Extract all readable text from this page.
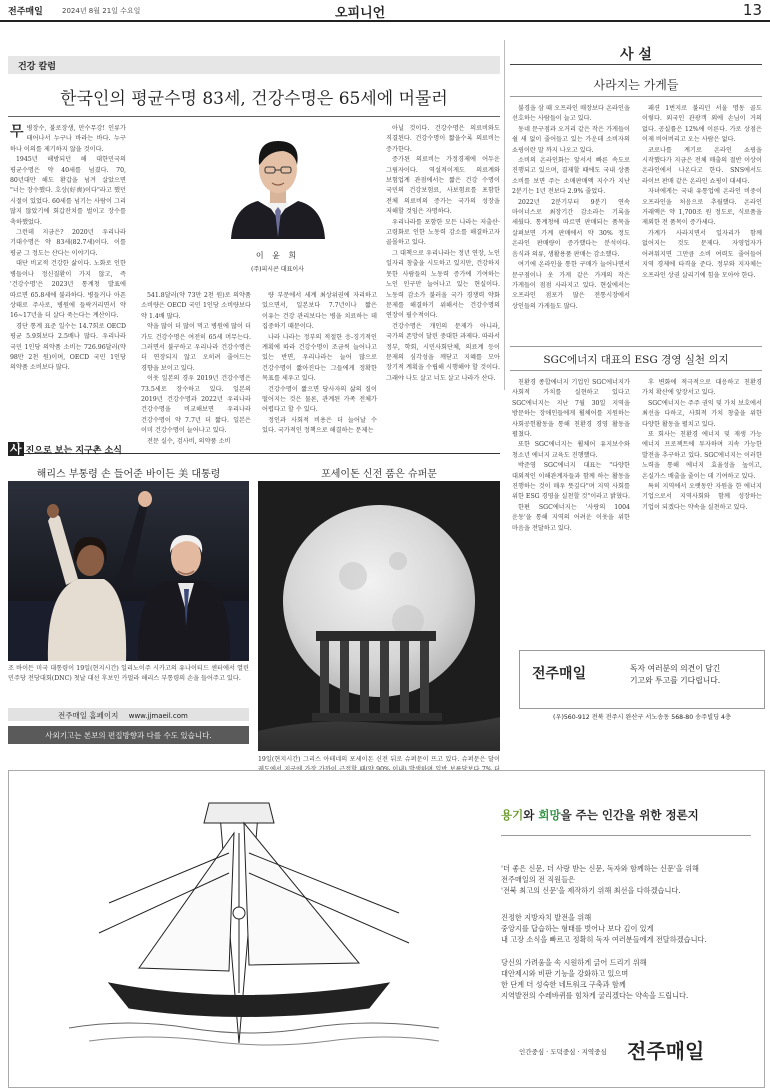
전주매일	2024년 8월 21일 수요일	오피니언	13
건강 칼럼
한국인의 평균수명 83세, 건강수명은 65세에 머물러

무병장수, 불로장생, 만수무강! 인류가 태어나서 누구나 바라는 바다. 누구 하나 이의를 제기하지 않을 것이다.

1945년 해방되던 해 대한민국의 평균수명은 약 40세를 넘겼다. 70, 80년대만 해도 환갑을 넘겨 살았으면 "너는 장수했다. 호상(好喪)이다"라고 했던 시절이 있었다. 60세를 넘기는 사람이 그리 많지 않았기에 회갑잔치를 벌이고 장수를 축하했었다.

그런데 지금은? 2020년 우리나라 기대수명은 약 83세(82.7세)이다. 이를 평균 그 정도는 산다는 이야기다.

대단 비교적 건강한 삶이다. 노화로 인한 병들이나 정신질환이 가지 않고, 즉 '건강수명'은 2023년 통계청 발표에 따르면 65.8세에 불과하다. 병들거나 아픈 상태로 주사로, 병원에 들락거리면서 약 16~17년을 더 살다 죽는다는 계산이다.

경단 통계 표준 일수는 14.7회로 OECD 평균 5.9회보다 2.5배나 많다. 우리나라 국민 1인당 의약품 소비는 726.96달러(약 98만 2천 원)이며, OECD 국민 1인당 의약품 소비보다 많다.

이 윤 희
(주)피시콘 대표이사

541.8달러(약 73만 2천 원)로 의약품 소비량은 OECD 국민 1인당 소비량보다 약 1.4배 많다.

약을 많이 더 많이 먹고 병원에 많이 더 가도 건강수명은 여전히 65세 머무는다. 그러면서 불구하고 우리나라 건강수명은 더 연장되지 않고 오히려 줄어드는 경향을 보이고 있다.

이웃 일본의 경우 2019년 건강수명은 73.5세로 장수하고 있다. 일본의 2019년 건강수명과 2022년 우리나라 건강수명을 비교해보면 우리나라 건강수명이 약 7.7년 더 짧다. 일본은 이미 건강수명이 늘어나고 있다.

전문 실수, 검사비, 의약품 소비

량 부문에서 세계 최상위권에 자리하고 있으면서, 일본보다 7.7년이나 짧은 이유는 건강 관리보다는 병을 치료하는 데 집중하기 때문이다.

나라 나라는 정부의 적절한 응-징기적인 계획에 따라 건강수명이 조금씩 늘어나고 있는 반면, 우리나라는 늘어 많으로 건강수명이 짧아진다는 그들에게 정확한 목표를 세우고 있다.

건강수명이 짧으면 당사자의 삶의 질이 떨어지는 것은 물론, 관계된 가족 전체가 어렵다고 할 수 있다.

정인과 사회적 비용은 더 늘어날 수 있다. 국가적인 정책으로 해결하는 문제는

아닐 것이다. 건강수명은 의료비와도 직결된다. 건강수명이 짧을수록 의료비는 증가한다.

증가된 의료비는 가정경제에 어두운 그림자이다. 역설적이게도 의료계와 보험업계 관점에서는 짧은 건강 수명이 국민의 건강보험료, 사보험료를 포함한 전체 의료비의 증가는 국가의 성장을 저해할 것임은 자명하다.

우리나라를 포함한 모든 나라는 저출산·고령화로 인한 노동력 감소를 해결하고자 골몰하고 있다.

그 대책으로 우리나라는 정년 연장, 노인 일자리 창출을 시도하고 있지만, 건강하지 못한 사람들의 노동력 증가에 기여하는 노인 인구만 늘어나고 있는 현실이다. 노동력 감소가 불러올 국가 경쟁력 약화 문제를 해결하기 위해서는 건강수명의 연장이 필수적이다.

건강수명은 개인의 문제가 아니라, 국가의 존망이 달린 중대한 과제다. 따라서 정부, 학회, 시민사회단체, 의료계 등이 문제의 심각성을 깨닫고 지혜를 모아 장기적 계획을 수립해 시행해야 할 것이다. 그래야 나도 살고 너도 살고 나라가 산다.

사 설
사라지는 가게들

불경을 삼 때 오프라인 매장보다 온라인을 선호하는 사람들이 늘고 있다.

동네 문구점과 오거리 같은 작은 가게들이 쉴 새 없이 줄어들고 있는 가운데 소비자의 쇼핑이란 말 까지 나오고 있다.

소비의 온라인화는 앞서서 빠른 속도로 진행되고 있으며, 결제할 때에도 국내 상품 소비를 보면 주는 소매판매액 지수가 지난 2분기는 1년 전보다 2.9% 줄었다.

2022년 2분기부터 9분기 연속 마이너스로 최장기간 감소라는 기록을 세웠다. 통계청에 따르면 판매되는 품목을 살펴보면 가계 판매에서 약 30% 정도 온라인 판매량이 증가했다는 분석이다. 음식과 의류, 생활용품 판매는 감소했다.

여기에 온라인을 통한 구매가 늘어나면서 문구점이나 옷 가게 같은 가게의 작은 가게들이 점점 사라지고 있다. 현실에서는 오프라인 점포가 많은 전통시장에서 상인들의 가게들도 많다.

패션 1번지로 불리던 서울 명동 골도 이렇다. 외국인 관광객 외에 손님이 거의 없다. 공실률은 12%에 이른다. 가로 상점은 이제 비어버리고 오는 사람은 없다.

코로나를 계기로 온라인 쇼핑을 시작했다가 지금은 전체 매출의 절반 이상이 온라인에서 나온다고 한다. SNS에서도 라이브 판매 같은 온라인 쇼핑이 대세다.

자녀에게는 국내 유통업에 온라인 비중이 오프라인을 처음으로 추월했다. 온라인 거래액은 약 1,700조 원 정도로, 식료품을 제외한 전 품목이 증가세다.

가계가 사라지면서 일자리가 함께 없어지는 것도 문제다. 자영업자가 어려워지면 그만큼 소비 여력도 줄어들어 지역 경제에 타격을 준다. 정부와 지자체는 오프라인 상권 살리기에 힘을 모아야 한다.

SGC에너지 대표의 ESG 경영 실천 의지

친환경 종합에너지 기업인 SGC에너지가 사회적 가치를 실현하고 있다고 SGC에너지는 지난 7월 30일 지역을 방문하는 장애인들에게 휠체어를 지원하는 사회공헌활동을 통해 친환경 경영 활동을 펼쳤다.

또한 SGC에너지는 휠체어 유지보수와 청소년 에너지 교육도 진행했다.

박준영 SGC에너지 대표는 "다양한 대외적인 이해관계자들과 함께 하는 활동을 진행하는 것이 매우 뜻깊다"며 지역 사회를 위한 ESG 경영을 실천할 것"이라고 밝혔다.

한편 SGC에너지는 '사랑의 1004 운동'을 통해 지역의 어려운 이웃을 위한 마음을 전달하고 있다.

후 변화에 적극적으로 대응하고 친환경 가치 확산에 앞장서고 있다.

SGC에너지는 주주 권익 및 가치 보호에서 최선을 다하고, 사회적 가치 창출을 위한 다양한 활동을 펼치고 있다.

또 회사는 친환경 에너지 및 재생 가능 에너지 프로젝트에 투자하며 지속 가능한 발전을 추구하고 있다. SGC에너지는 이러한 노력을 통해 에너지 효율성을 높이고, 온실가스 배출을 줄이는 데 기여하고 있다.

특히 지역에서 오랫동안 자원을 한 에너지 기업으로서 지역사회와 함께 성장하는 기업이 되겠다는 약속을 실천하고 있다.

사 진으로 보는 지구촌 소식
해리스 부통령 손 들어준 바이든 美 대통령	포세이돈 신전 품은 슈퍼문
조 바이든 미국 대통령이 19일(현지시간) 일리노이주 시카고의 유나이티드 센터에서 열린 민주당 전당대회(DNC) 첫날 대선 후보인 카멀라 해리스 부통령의 손을 들어주고 있다.
전주매일 홈페이지 www.jjmaeil.com
사외기고는 본보의 편집방향과 다를 수도 있습니다.
19일(현지시간) 그리스 아테네의 포세이돈 신전 뒤로 슈퍼문이 뜨고 있다. 슈퍼문은 달이
전주매일	독자 여러분의 의견이 담긴
기고와 투고를 기다립니다.
(우)560-912 전북 전주시 완산구 서노송동 568-80 송주빌딩 4층
용기와 희망을 주는 인간을 위한 정론지
'더 좋은 신문, 더 사랑 받는 신문, 독자와 함께하는 신문'을 위해
전주매일의 전 직원들은
'전북 최고의 신문'을 제작하기 위해 최선을 다하겠습니다.
진정한 지방자치 발전을 위해
중앙지를 답습하는 형태를 벗어나 보다 깊이 있게
내 고장 소식을 빠르고 정확히 독자 여러분들에게 전달하겠습니다.
당신의 가려움을 속 시원하게 긁어 드리기 위해
대안제시와 비판 기능을 강화하고 있으며
한 단계 더 성숙한 네트워크 구축과 함께
지역발전의 수레바퀴를 힘차게 굴리겠다는 약속을 드립니다.
인간중심 · 도덕중심 · 지역중심 전주매일
